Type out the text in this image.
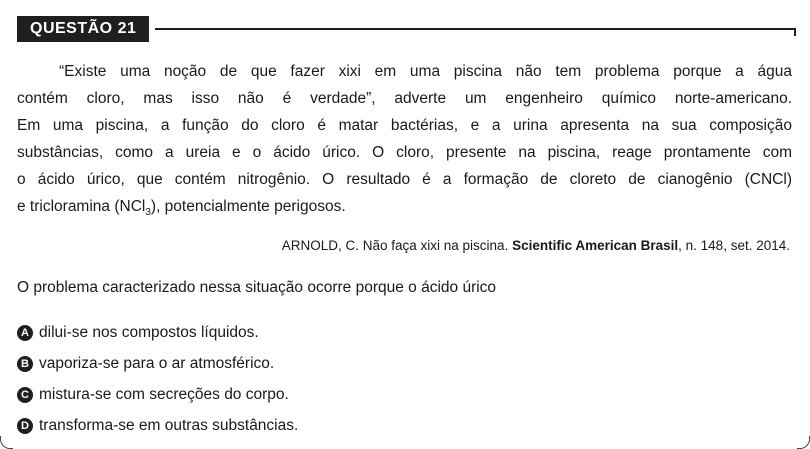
QUESTÃO 21
“Existe uma noção de que fazer xixi em uma piscina não tem problema porque a água
contém cloro, mas isso não é verdade”, adverte um engenheiro químico norte-americano.
Em uma piscina, a função do cloro é matar bactérias, e a urina apresenta na sua composição
substâncias, como a ureia e o ácido úrico. O cloro, presente na piscina, reage prontamente com
o ácido úrico, que contém nitrogênio. O resultado é a formação de cloreto de cianogênio (CNCl)
e tricloramina (NCl$_3$), potencialmente perigosos.
ARNOLD, C. Não faça xixi na piscina. Scientific American Brasil, n. 148, set. 2014.
O problema caracterizado nessa situação ocorre porque o ácido úrico
A dilui-se nos compostos líquidos.
B vaporiza-se para o ar atmosférico.
C mistura-se com secreções do corpo.
D transforma-se em outras substâncias.
